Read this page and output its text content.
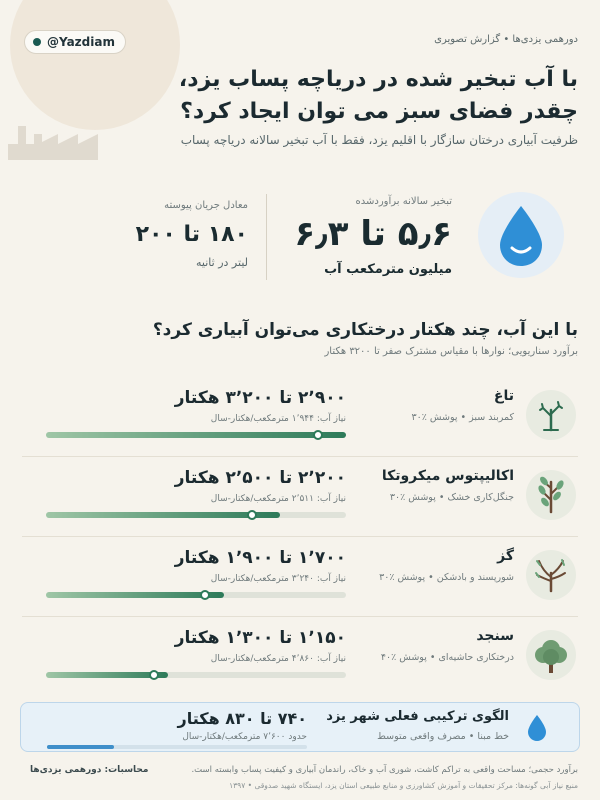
@Yazdiam	دورهمی یزدی‌ها • گزارش تصویری
با آب تبخیر شده در دریاچه پساب یزد،
چقدر فضای سبز می توان ایجاد کرد؟
ظرفیت آبیاری درختان سازگار با اقلیم یزد، فقط با آب تبخیر سالانه دریاچه پساب
تبخیر سالانه برآوردشده
۵٫۶ تا ۶٫۳
میلیون مترمکعب آب
معادل جریان پیوسته
۱۸۰ تا ۲۰۰
لیتر در ثانیه
با این آب، چند هکتار درختکاری می‌توان آبیاری کرد؟
برآورد سناریویی؛ نوارها با مقیاس مشترک صفر تا ۳۲۰۰ هکتار
تاغ
کمربند سبز • پوشش ٪۳۰
۲٬۹۰۰ تا ۳٬۲۰۰ هکتار
نیاز آب: ۱٬۹۴۴ مترمکعب/هکتار-سال
اکالیپتوس میکروتکا
جنگل‌کاری خشک • پوشش ٪۳۰
۲٬۲۰۰ تا ۲٬۵۰۰ هکتار
نیاز آب: ۲٬۵۱۱ مترمکعب/هکتار-سال
گز
شورپسند و بادشکن • پوشش ٪۳۰
۱٬۷۰۰ تا ۱٬۹۰۰ هکتار
نیاز آب: ۳٬۲۴۰ مترمکعب/هکتار-سال
سنجد
درختکاری حاشیه‌ای • پوشش ٪۴۰
۱٬۱۵۰ تا ۱٬۳۰۰ هکتار
نیاز آب: ۴٬۸۶۰ مترمکعب/هکتار-سال
الگوی ترکیبی فعلی شهر یزد
خط مبنا • مصرف واقعی متوسط
۷۴۰ تا ۸۳۰ هکتار
حدود ۷٬۶۰۰ مترمکعب/هکتار-سال
محاسبات: دورهمی یزدی‌ها	برآورد حجمی؛ مساحت واقعی به تراکم کاشت، شوری آب و خاک، راندمان آبیاری و کیفیت پساب وابسته است.
منبع نیاز آبی گونه‌ها: مرکز تحقیقات و آموزش کشاورزی و منابع طبیعی استان یزد، ایستگاه شهید صدوقی • ۱۳۹۷
